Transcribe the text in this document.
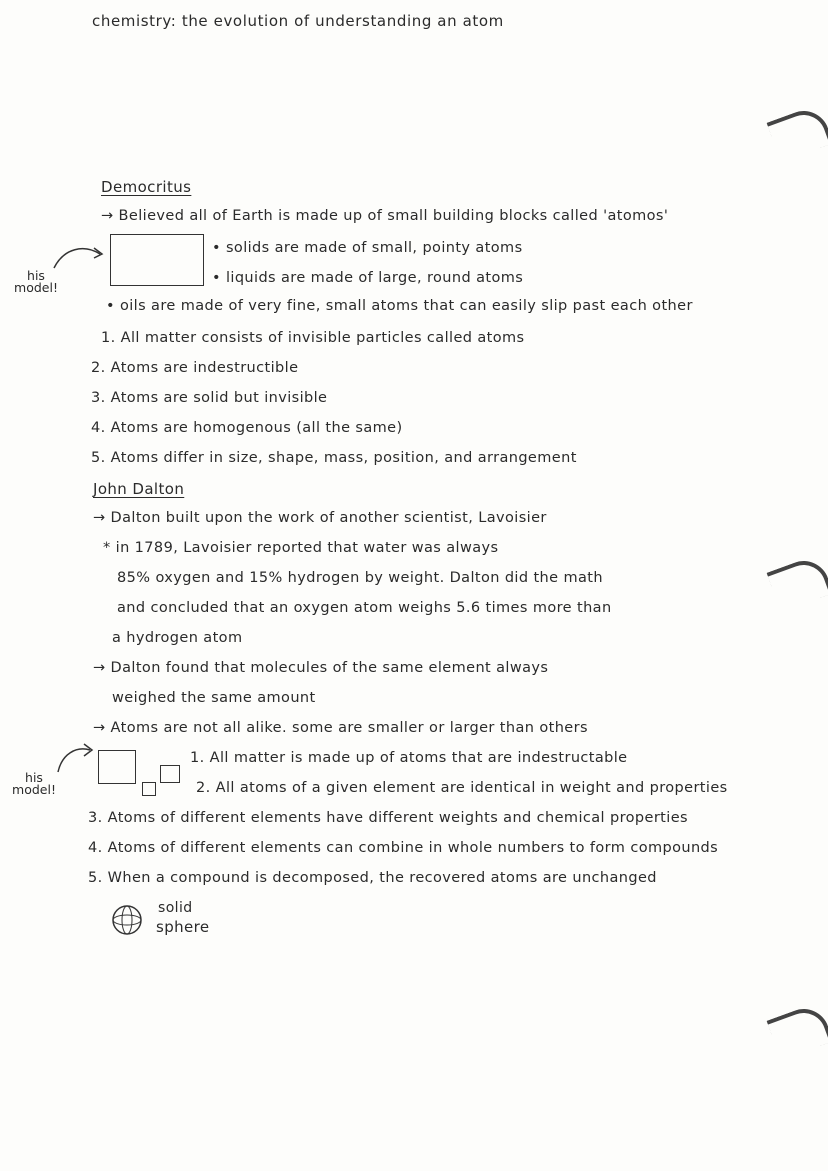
chemistry: the evolution of understanding an atom
Democritus
→ Believed all of Earth is made up of small building blocks called 'atomos'
his model!
• solids are made of small, pointy atoms
• liquids are made of large, round atoms
• oils are made of very fine, small atoms that can easily slip past each other
1. All matter consists of invisible particles called atoms
2. Atoms are indestructible
3. Atoms are solid but invisible
4. Atoms are homogenous (all the same)
5. Atoms differ in size, shape, mass, position, and arrangement
John Dalton
→ Dalton built upon the work of another scientist, Lavoisier
* in 1789, Lavoisier reported that water was always
85% oxygen and 15% hydrogen by weight. Dalton did the math
and concluded that an oxygen atom weighs 5.6 times more than
a hydrogen atom
→ Dalton found that molecules of the same element always
weighed the same amount
→ Atoms are not all alike. some are smaller or larger than others
his model!
1. All matter is made up of atoms that are indestructable
2. All atoms of a given element are identical in weight and properties
3. Atoms of different elements have different weights and chemical properties
4. Atoms of different elements can combine in whole numbers to form compounds
5. When a compound is decomposed, the recovered atoms are unchanged
solid
sphere
